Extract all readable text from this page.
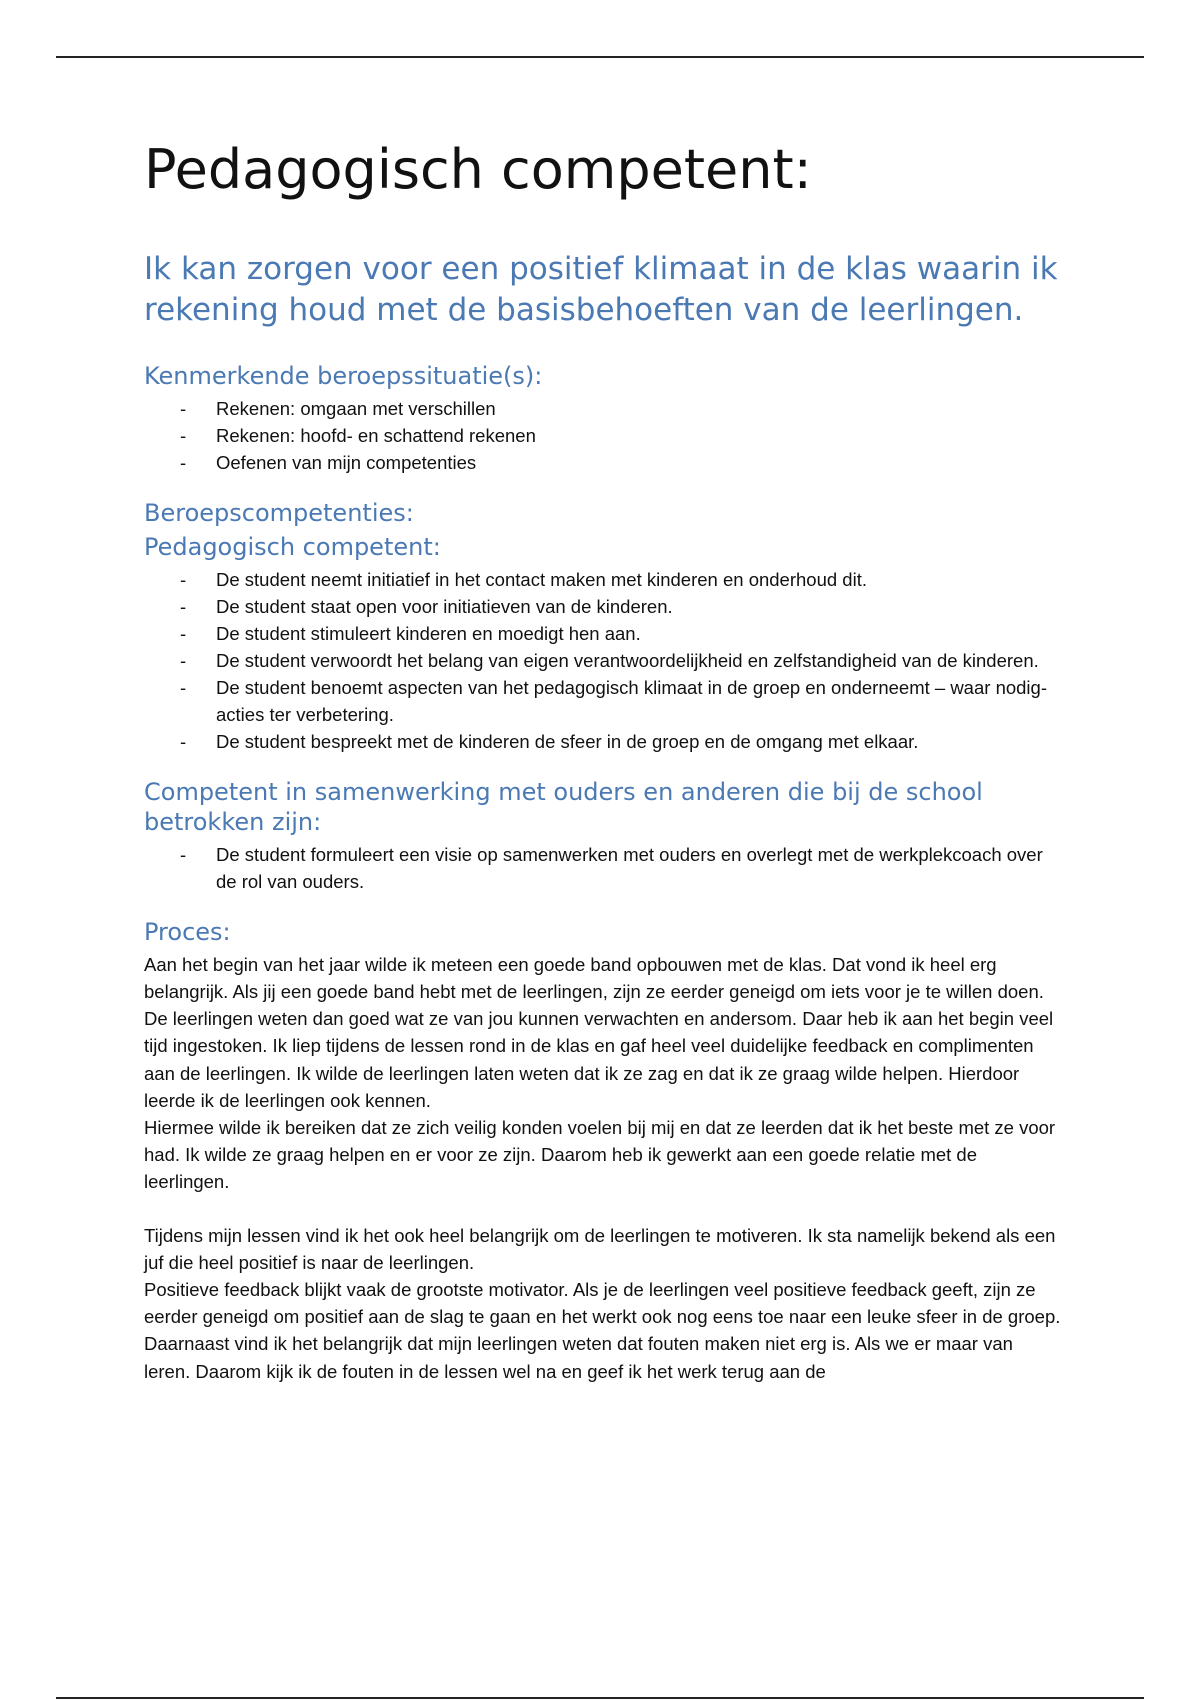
Pedagogisch competent:
Ik kan zorgen voor een positief klimaat in de klas waarin ik rekening houd met de basisbehoeften van de leerlingen.
Kenmerkende beroepssituatie(s):
- Rekenen: omgaan met verschillen
- Rekenen: hoofd- en schattend rekenen
- Oefenen van mijn competenties
Beroepscompetenties:
Pedagogisch competent:
- De student neemt initiatief in het contact maken met kinderen en onderhoud dit.
- De student staat open voor initiatieven van de kinderen.
- De student stimuleert kinderen en moedigt hen aan.
- De student verwoordt het belang van eigen verantwoordelijkheid en zelfstandigheid van de kinderen.
- De student benoemt aspecten van het pedagogisch klimaat in de groep en onderneemt – waar nodig- acties ter verbetering.
- De student bespreekt met de kinderen de sfeer in de groep en de omgang met elkaar.
Competent in samenwerking met ouders en anderen die bij de school betrokken zijn:
- De student formuleert een visie op samenwerken met ouders en overlegt met de werkplekcoach over de rol van ouders.
Proces:

Aan het begin van het jaar wilde ik meteen een goede band opbouwen met de klas. Dat vond ik heel erg belangrijk. Als jij een goede band hebt met de leerlingen, zijn ze eerder geneigd om iets voor je te willen doen. De leerlingen weten dan goed wat ze van jou kunnen verwachten en andersom. Daar heb ik aan het begin veel tijd ingestoken. Ik liep tijdens de lessen rond in de klas en gaf heel veel duidelijke feedback en complimenten aan de leerlingen. Ik wilde de leerlingen laten weten dat ik ze zag en dat ik ze graag wilde helpen. Hierdoor leerde ik de leerlingen ook kennen.

Hiermee wilde ik bereiken dat ze zich veilig konden voelen bij mij en dat ze leerden dat ik het beste met ze voor had. Ik wilde ze graag helpen en er voor ze zijn. Daarom heb ik gewerkt aan een goede relatie met de leerlingen.

Tijdens mijn lessen vind ik het ook heel belangrijk om de leerlingen te motiveren. Ik sta namelijk bekend als een juf die heel positief is naar de leerlingen.

Positieve feedback blijkt vaak de grootste motivator. Als je de leerlingen veel positieve feedback geeft, zijn ze eerder geneigd om positief aan de slag te gaan en het werkt ook nog eens toe naar een leuke sfeer in de groep.

Daarnaast vind ik het belangrijk dat mijn leerlingen weten dat fouten maken niet erg is. Als we er maar van leren. Daarom kijk ik de fouten in de lessen wel na en geef ik het werk terug aan de
